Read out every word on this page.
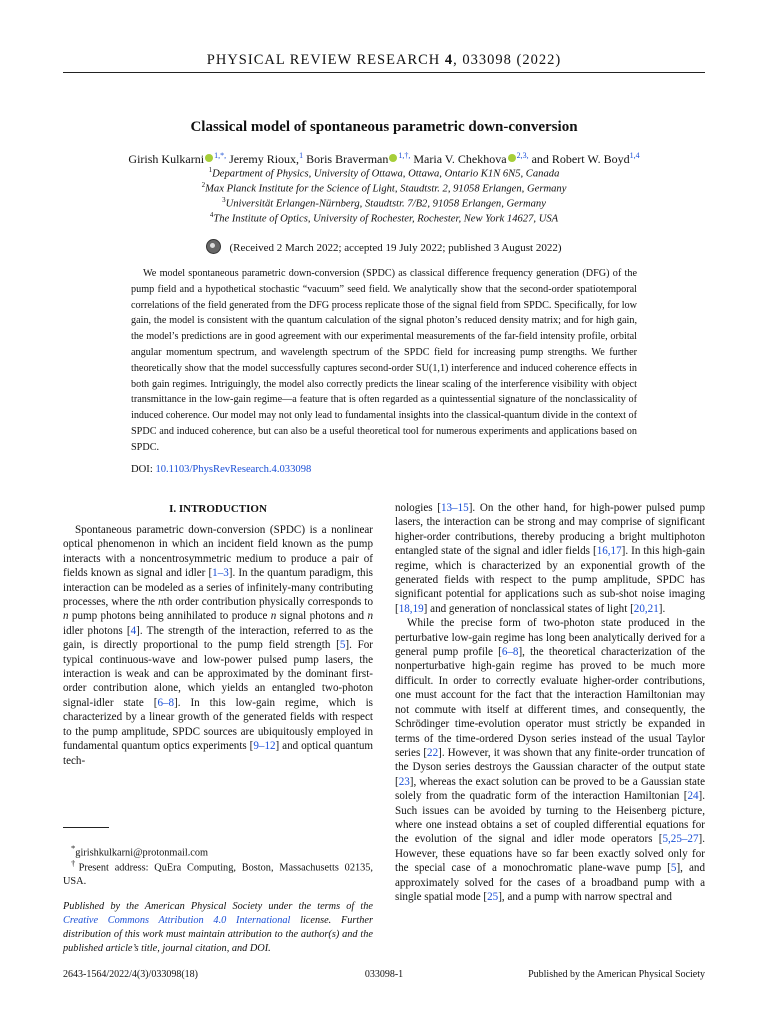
PHYSICAL REVIEW RESEARCH 4, 033098 (2022)
Classical model of spontaneous parametric down-conversion
Girish Kulkarni $^{1,*,}$ Jeremy Rioux,$^1$ Boris Braverman $^{1,\dagger,}$ Maria V. Chekhova $^{2,3,}$ and Robert W. Boyd$^{1,4}$
$^1$Department of Physics, University of Ottawa, Ottawa, Ontario K1N 6N5, Canada
$^2$Max Planck Institute for the Science of Light, Staudtstr. 2, 91058 Erlangen, Germany
$^3$Universität Erlangen-Nürnberg, Staudtstr. 7/B2, 91058 Erlangen, Germany
$^4$The Institute of Optics, University of Rochester, Rochester, New York 14627, USA
(Received 2 March 2022; accepted 19 July 2022; published 3 August 2022)
We model spontaneous parametric down-conversion (SPDC) as classical difference frequency generation (DFG) of the pump field and a hypothetical stochastic “vacuum” seed field. We analytically show that the second-order spatiotemporal correlations of the field generated from the DFG process replicate those of the signal field from SPDC. Specifically, for low gain, the model is consistent with the quantum calculation of the signal photon’s reduced density matrix; and for high gain, the model’s predictions are in good agreement with our experimental measurements of the far-field intensity profile, orbital angular momentum spectrum, and wavelength spectrum of the SPDC field for increasing pump strengths. We further theoretically show that the model successfully captures second-order SU(1,1) interference and induced coherence effects in both gain regimes. Intriguingly, the model also correctly predicts the linear scaling of the interference visibility with object transmittance in the low-gain regime—a feature that is often regarded as a quintessential signature of the nonclassicality of induced coherence. Our model may not only lead to fundamental insights into the classical-quantum divide in the context of SPDC and induced coherence, but can also be a useful theoretical tool for numerous experiments and applications based on SPDC.
DOI: 10.1103/PhysRevResearch.4.033098
I. INTRODUCTION

Spontaneous parametric down-conversion (SPDC) is a nonlinear optical phenomenon in which an incident field known as the pump interacts with a noncentrosymmetric medium to produce a pair of fields known as signal and idler [1–3]. In the quantum paradigm, this interaction can be modeled as a series of infinitely-many contributing processes, where the nth order contribution physically corresponds to n pump photons being annihilated to produce n signal photons and n idler photons [4]. The strength of the interaction, referred to as the gain, is directly proportional to the pump field strength [5]. For typical continuous-wave and low-power pulsed pump lasers, the interaction is weak and can be approximated by the dominant first-order contribution alone, which yields an entangled two-photon signal-idler state [6–8]. In this low-gain regime, which is characterized by a linear growth of the generated fields with respect to the pump amplitude, SPDC sources are ubiquitously employed in fundamental quantum optics experiments [9–12] and optical quantum tech-

nologies [13–15]. On the other hand, for high-power pulsed pump lasers, the interaction can be strong and may comprise of significant higher-order contributions, thereby producing a bright multiphoton entangled state of the signal and idler fields [16,17]. In this high-gain regime, which is characterized by an exponential growth of the generated fields with respect to the pump amplitude, SPDC has significant potential for applications such as sub-shot noise imaging [18,19] and generation of nonclassical states of light [20,21].

While the precise form of two-photon state produced in the perturbative low-gain regime has long been analytically derived for a general pump profile [6–8], the theoretical characterization of the nonperturbative high-gain regime has proved to be much more difficult. In order to correctly evaluate higher-order contributions, one must account for the fact that the interaction Hamiltonian may not commute with itself at different times, and consequently, the Schrödinger time-evolution operator must strictly be expanded in terms of the time-ordered Dyson series instead of the usual Taylor series [22]. However, it was shown that any finite-order truncation of the Dyson series destroys the Gaussian character of the output state [23], whereas the exact solution can be proved to be a Gaussian state solely from the quadratic form of the interaction Hamiltonian [24]. Such issues can be avoided by turning to the Heisenberg picture, where one instead obtains a set of coupled differential equations for the evolution of the signal and idler mode operators [5,25–27]. However, these equations have so far been exactly solved only for the special case of a monochromatic plane-wave pump [5], and approximately solved for the cases of a broadband pump with a single spatial mode [25], and a pump with narrow spectral and

*girishkulkarni@protonmail.com
†Present address: QuEra Computing, Boston, Massachusetts 02135, USA.
Published by the American Physical Society under the terms of the Creative Commons Attribution 4.0 International license. Further distribution of this work must maintain attribution to the author(s) and the published article’s title, journal citation, and DOI.
2643-1564/2022/4(3)/033098(18)	033098-1	Published by the American Physical Society
